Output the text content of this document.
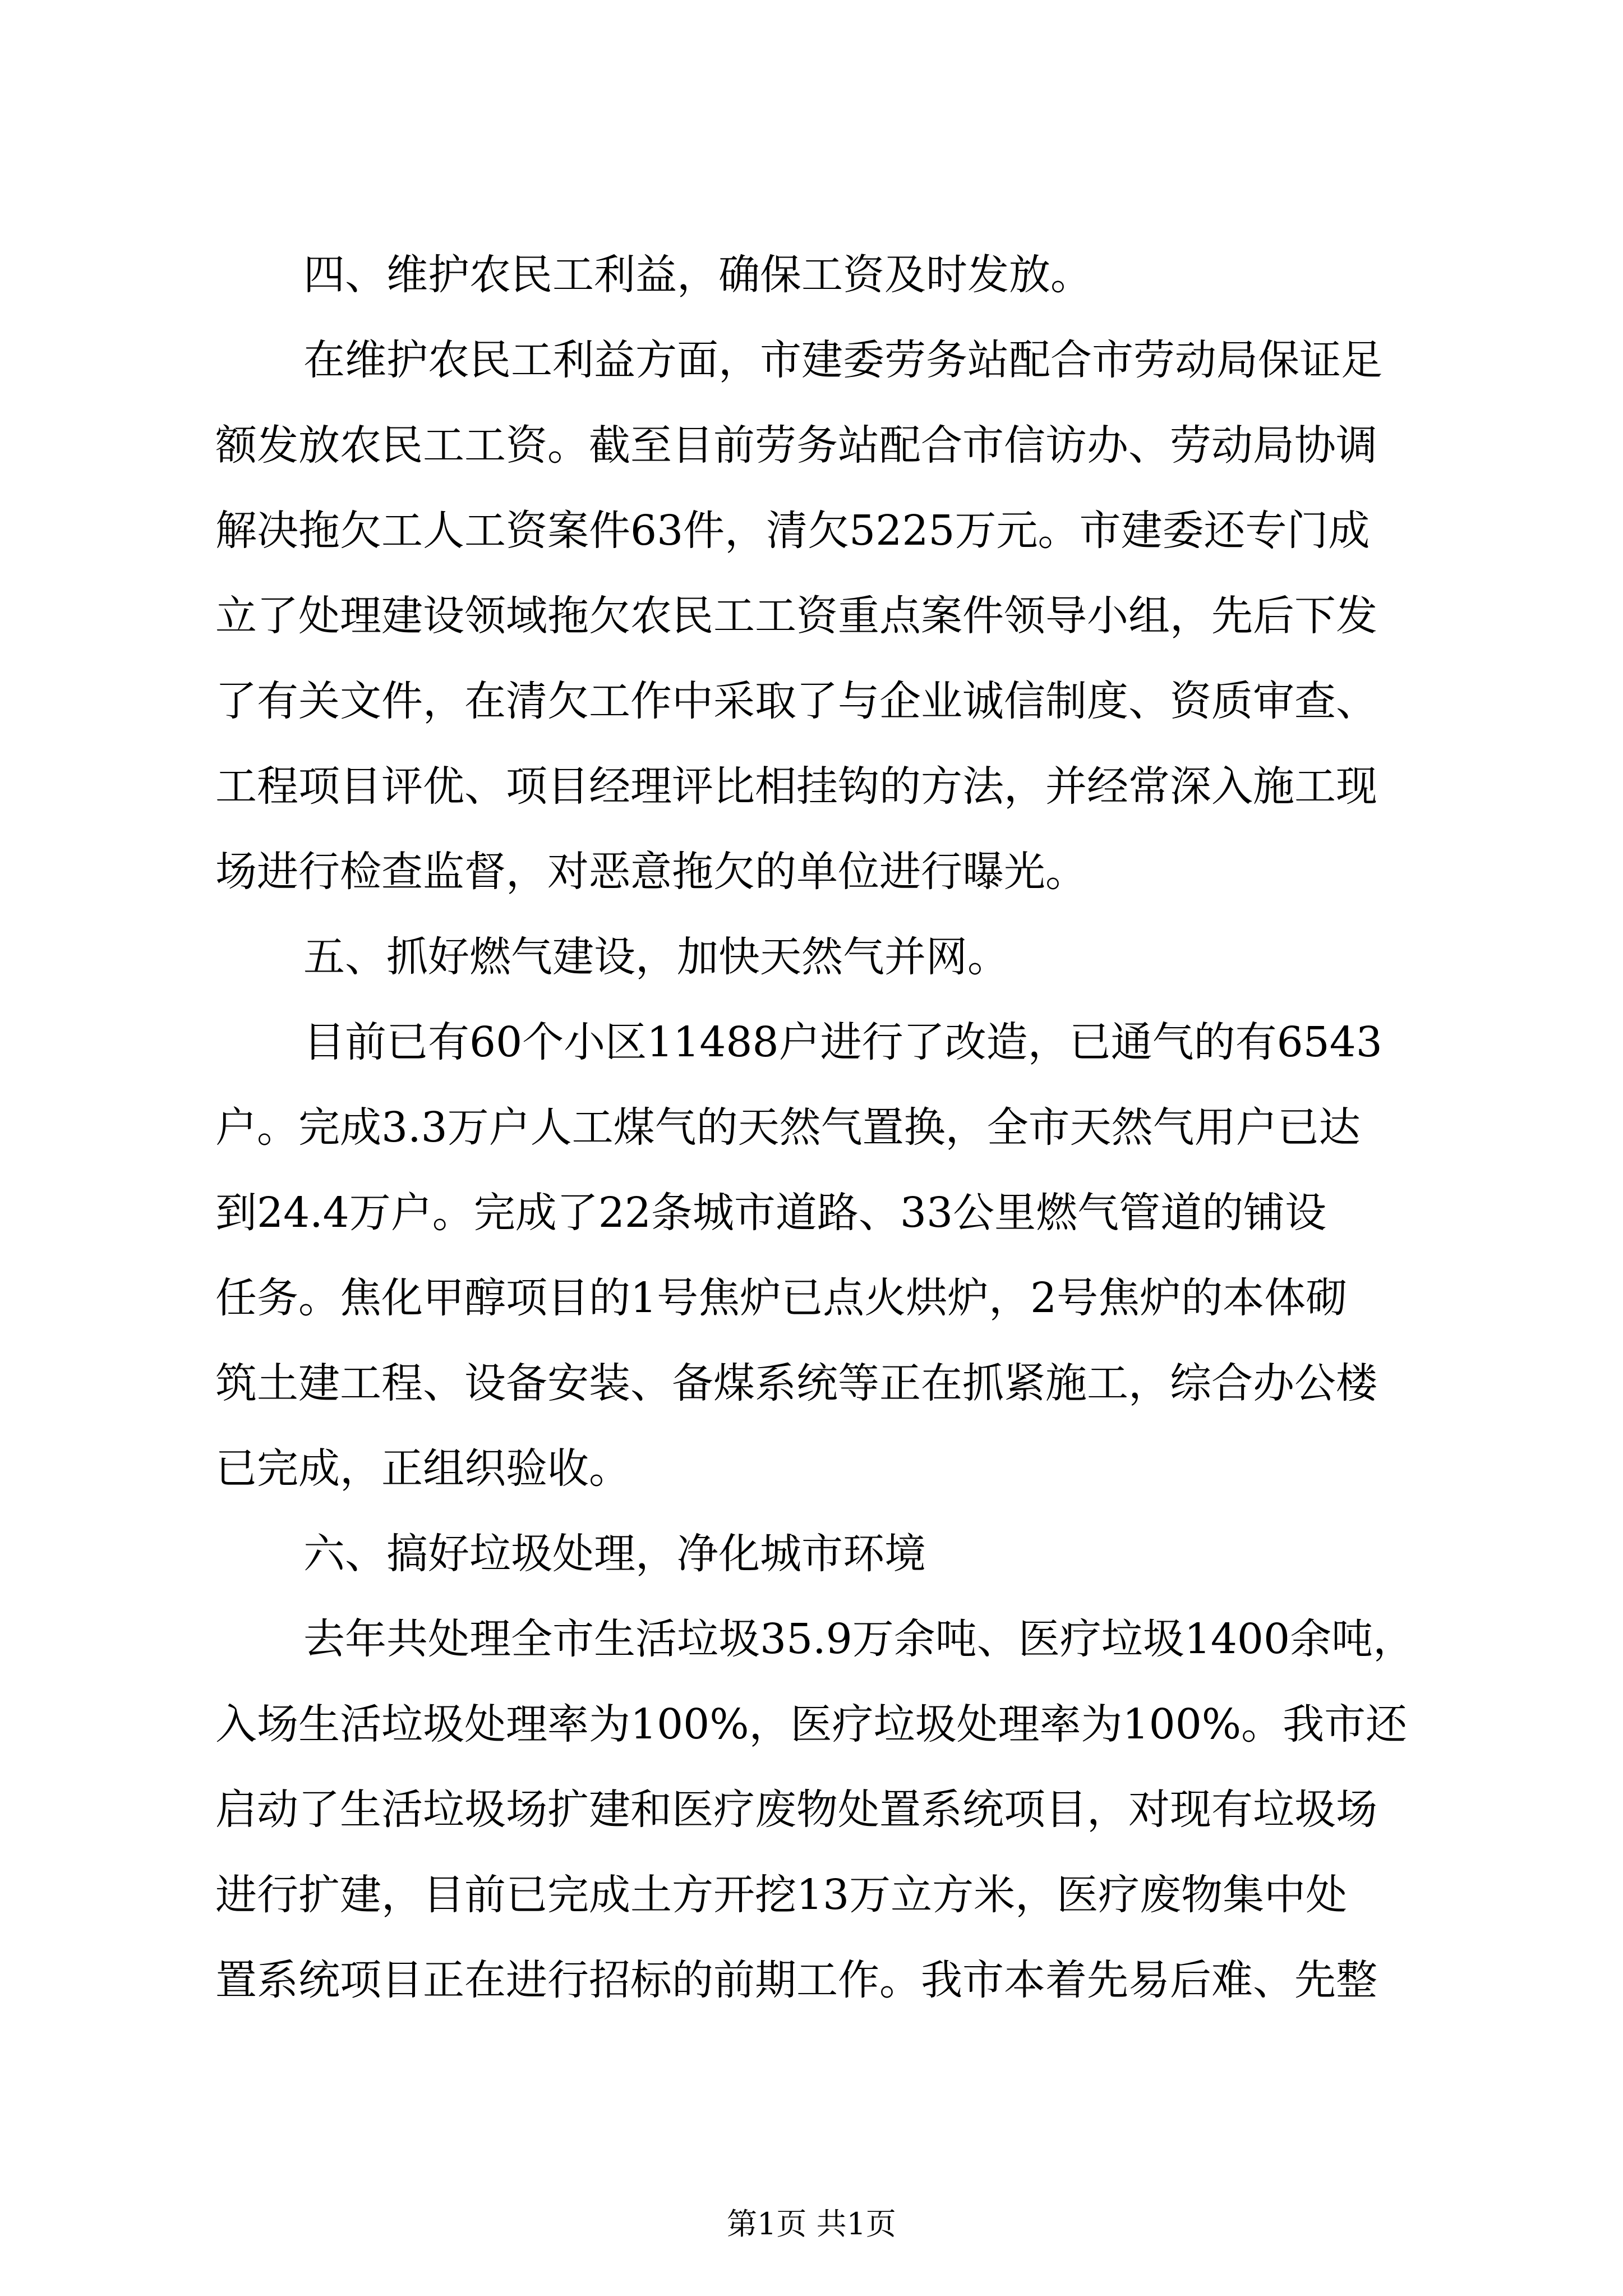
四、维护农民工利益，确保工资及时发放。
在维护农民工利益方面，市建委劳务站配合市劳动局保证足
额发放农民工工资。截至目前劳务站配合市信访办、劳动局协调
解决拖欠工人工资案件63件，清欠5225万元。市建委还专门成
立了处理建设领域拖欠农民工工资重点案件领导小组，先后下发
了有关文件，在清欠工作中采取了与企业诚信制度、资质审查、
工程项目评优、项目经理评比相挂钩的方法，并经常深入施工现
场进行检查监督，对恶意拖欠的单位进行曝光。
五、抓好燃气建设，加快天然气并网。
目前已有60个小区11488户进行了改造，已通气的有6543
户。完成3.3万户人工煤气的天然气置换，全市天然气用户已达
到24.4万户。完成了22条城市道路、33公里燃气管道的铺设
任务。焦化甲醇项目的1号焦炉已点火烘炉，2号焦炉的本体砌
筑土建工程、设备安装、备煤系统等正在抓紧施工，综合办公楼
已完成，正组织验收。
六、搞好垃圾处理，净化城市环境
去年共处理全市生活垃圾35.9万余吨、医疗垃圾1400余吨，
入场生活垃圾处理率为100%，医疗垃圾处理率为100%。我市还
启动了生活垃圾场扩建和医疗废物处置系统项目，对现有垃圾场
进行扩建，目前已完成土方开挖13万立方米，医疗废物集中处
置系统项目正在进行招标的前期工作。我市本着先易后难、先整
第1页 共1页
